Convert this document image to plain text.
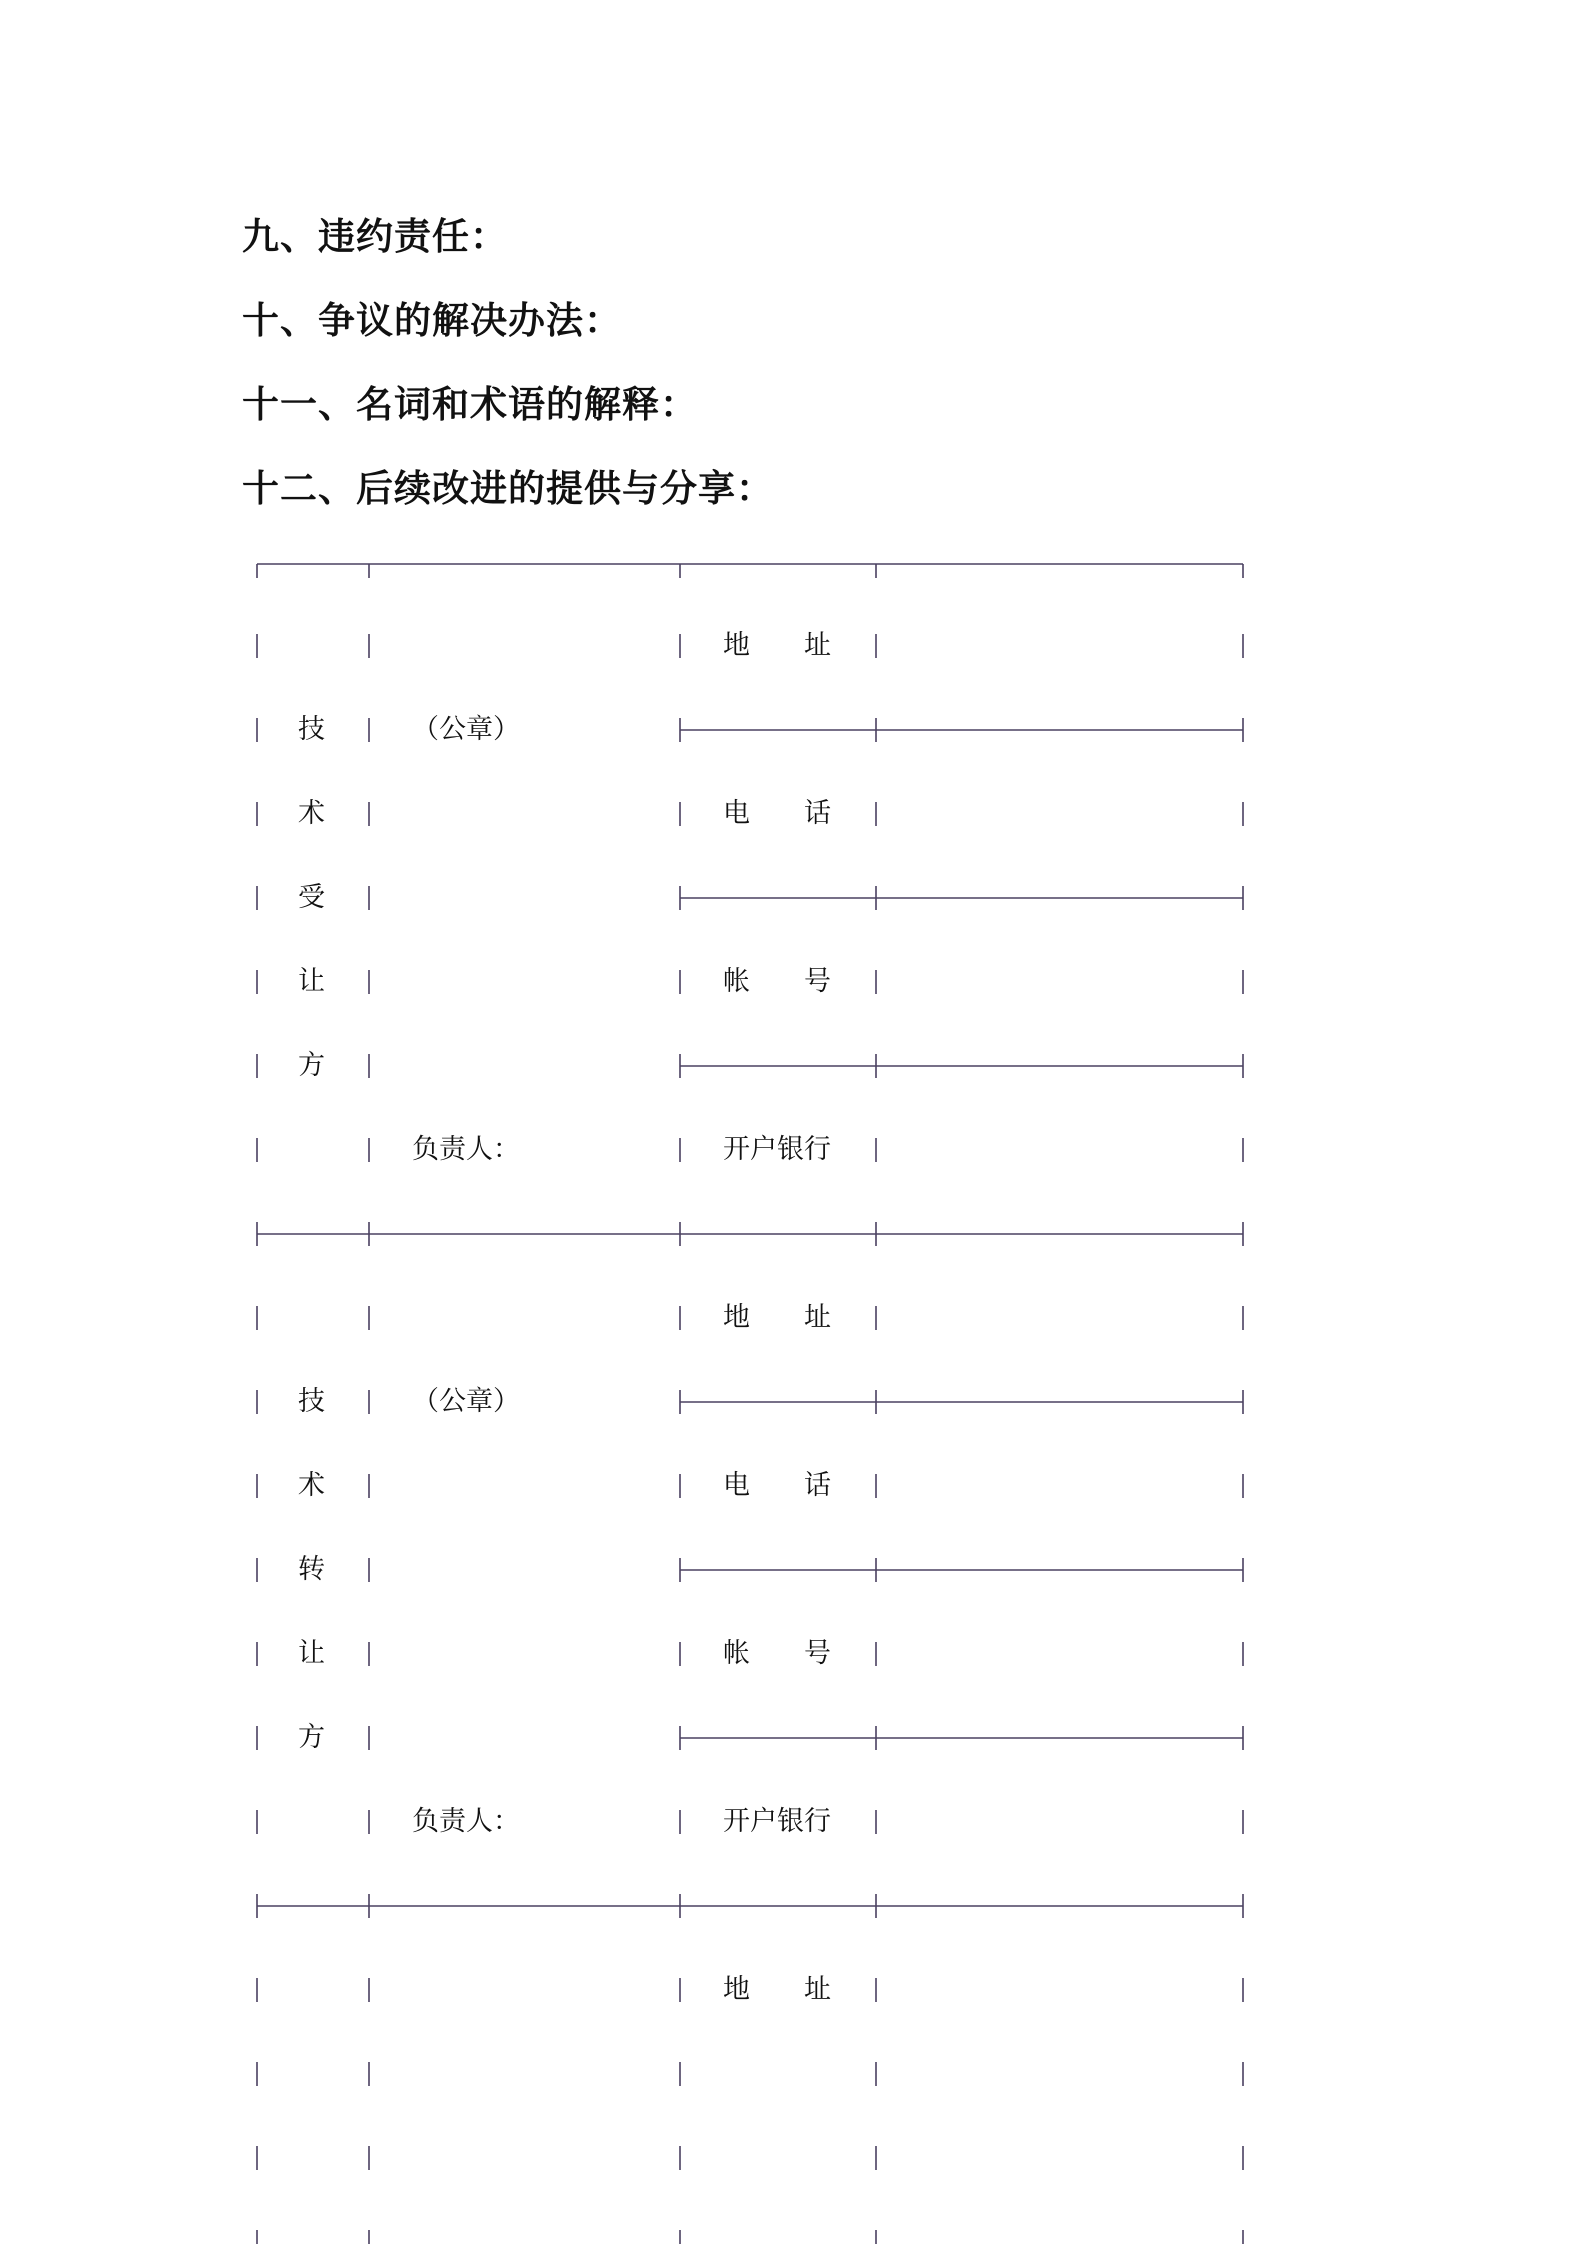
九、违约责任：
十、争议的解决办法：
十一、名词和术语的解释：
十二、后续改进的提供与分享：
技
术
受
让
方
（公章）
负责人：
地址
电话
帐号
开户银行
技
术
转
让
方
（公章）
负责人：
地址
电话
帐号
开户银行
地址
